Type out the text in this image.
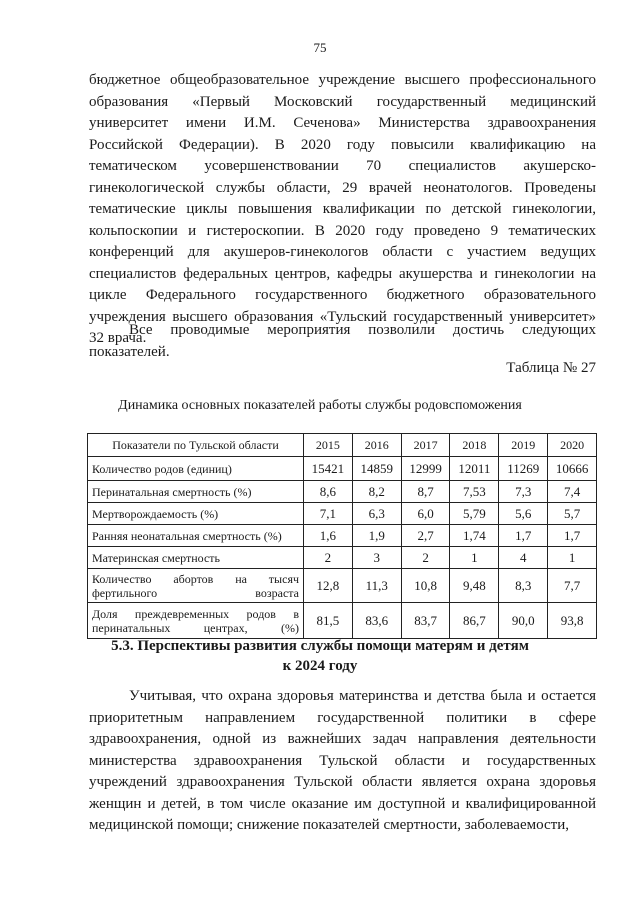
75
бюджетное общеобразовательное учреждение высшего профессионального образования «Первый Московский государственный медицинский университет имени И.М. Сеченова» Министерства здравоохранения Российской Федерации). В 2020 году повысили квалификацию на тематическом усовершенствовании 70 специалистов акушерско-гинекологической службы области, 29 врачей неонатологов. Проведены тематические циклы повышения квалификации по детской гинекологии, кольпоскопии и гистероскопии. В 2020 году проведено 9 тематических конференций для акушеров-гинекологов области с участием ведущих специалистов федеральных центров, кафедры акушерства и гинекологии на цикле Федерального государственного бюджетного образовательного учреждения высшего образования «Тульский государственный университет» 32 врача.
Все проводимые мероприятия позволили достичь следующих показателей.
Таблица № 27
Динамика основных показателей работы службы родовспоможения
Показатели по Тульской области	2015	2016	2017	2018	2019	2020
Количество родов (единиц)	15421	14859	12999	12011	11269	10666
Перинатальная смертность (%)	8,6	8,2	8,7	7,53	7,3	7,4
Мертворождаемость (%)	7,1	6,3	6,0	5,79	5,6	5,7
Ранняя неонатальная смертность (%)	1,6	1,9	2,7	1,74	1,7	1,7
Материнская смертность	2	3	2	1	4	1
Количество абортов на тысяч фертильного возраста	12,8	11,3	10,8	9,48	8,3	7,7
Доля преждевременных родов в перинатальных центрах, (%)	81,5	83,6	83,7	86,7	90,0	93,8
5.3. Перспективы развития службы помощи матерям и детям
к 2024 году
Учитывая, что охрана здоровья материнства и детства была и остается приоритетным направлением государственной политики в сфере здравоохранения, одной из важнейших задач направления деятельности министерства здравоохранения Тульской области и государственных учреждений здравоохранения Тульской области является охрана здоровья женщин и детей, в том числе оказание им доступной и квалифицированной медицинской помощи; снижение показателей смертности, заболеваемости,
